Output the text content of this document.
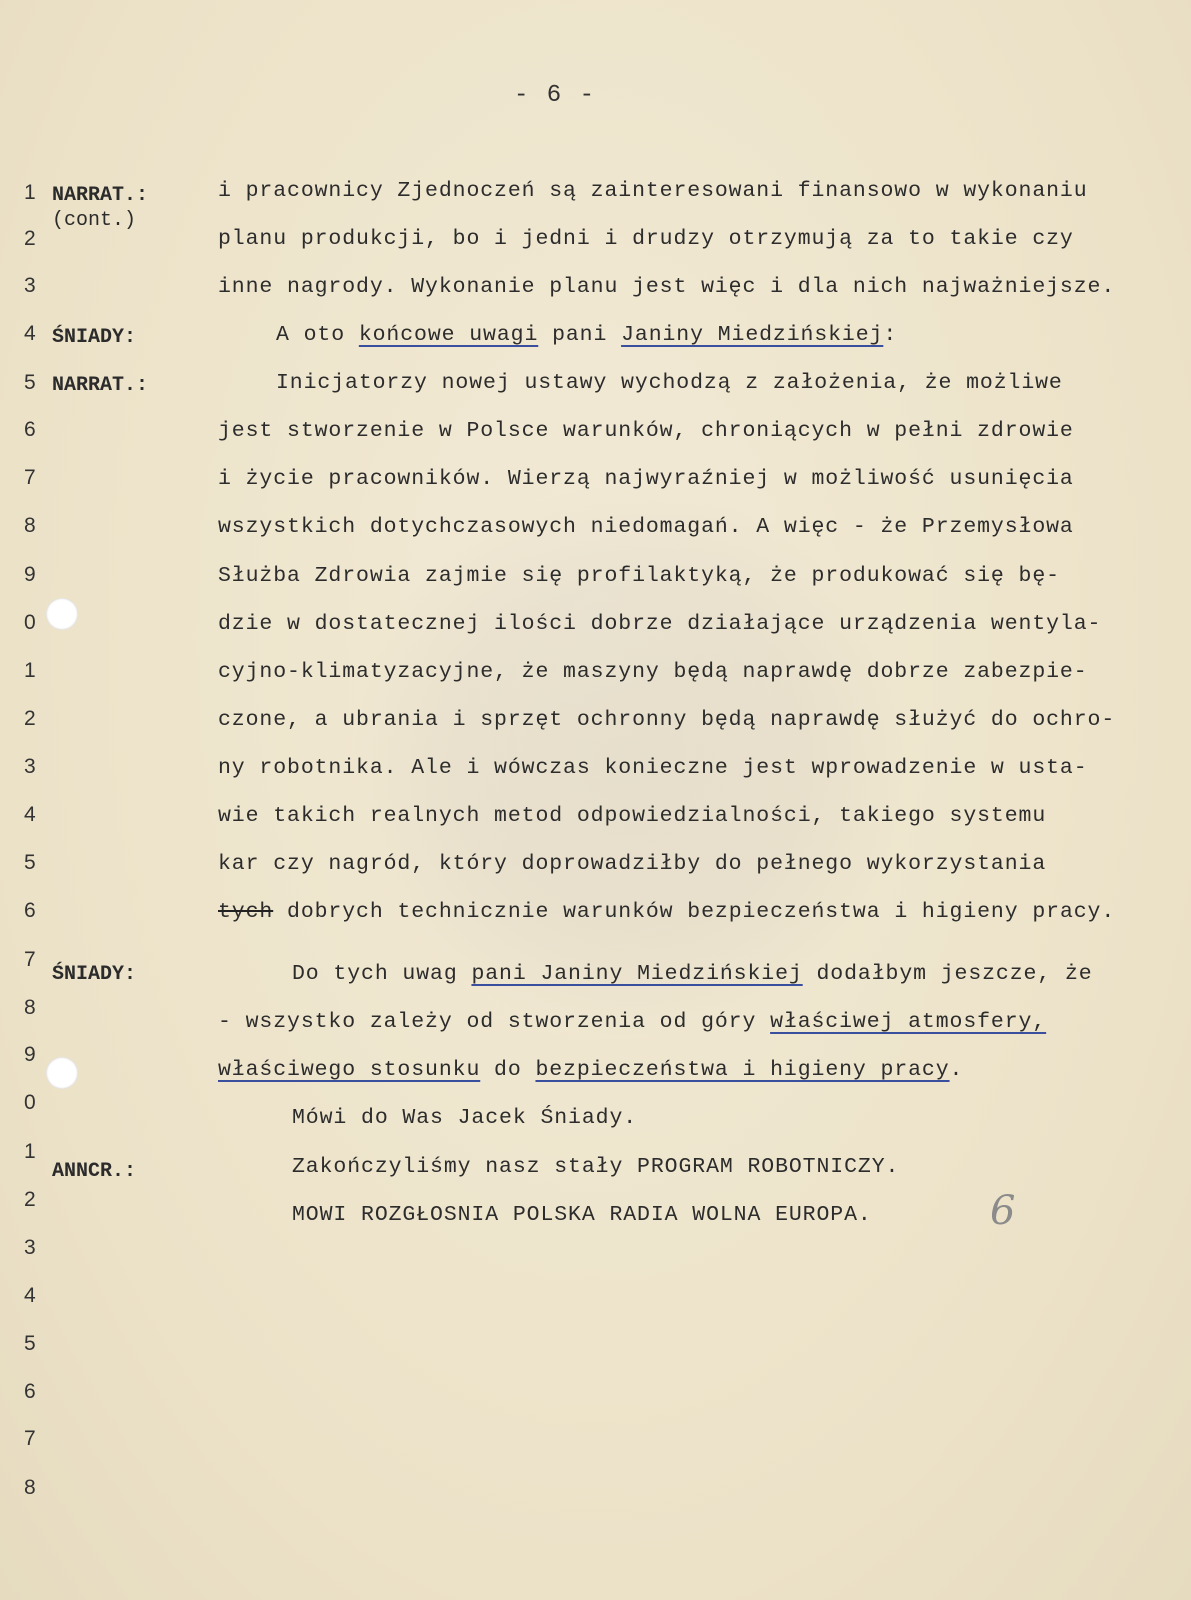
- 6 -
1
2
3
4
5
6
7
8
9
0
1
2
3
4
5
6
7
8
9
0
1
2
3
4
5
6
7
8
NARRAT.:
(cont.)
ŚNIADY:
NARRAT.:
ŚNIADY:
ANNCR.:
i pracownicy Zjednoczeń są zainteresowani finansowo w wykonaniu
planu produkcji, bo i jedni i drudzy otrzymują za to takie czy
inne nagrody. Wykonanie planu jest więc i dla nich najważniejsze.
A oto końcowe uwagi pani Janiny Miedzińskiej:
Inicjatorzy nowej ustawy wychodzą z założenia, że możliwe
jest stworzenie w Polsce warunków, chroniących w pełni zdrowie
i życie pracowników. Wierzą najwyraźniej w możliwość usunięcia
wszystkich dotychczasowych niedomagań. A więc - że Przemysłowa
Służba Zdrowia zajmie się profilaktyką, że produkować się bę-
dzie w dostatecznej ilości dobrze działające urządzenia wentyla-
cyjno-klimatyzacyjne, że maszyny będą naprawdę dobrze zabezpie-
czone, a ubrania i sprzęt ochronny będą naprawdę służyć do ochro-
ny robotnika. Ale i wówczas konieczne jest wprowadzenie w usta-
wie takich realnych metod odpowiedzialności, takiego systemu
kar czy nagród, który doprowadziłby do pełnego wykorzystania
tych dobrych technicznie warunków bezpieczeństwa i higieny pracy.
Do tych uwag pani Janiny Miedzińskiej dodałbym jeszcze, że
- wszystko zależy od stworzenia od góry właściwej atmosfery,
właściwego stosunku do bezpieczeństwa i higieny pracy.
Mówi do Was Jacek Śniady.
Zakończyliśmy nasz stały PROGRAM ROBOTNICZY.
MOWI ROZGŁOSNIA POLSKA RADIA WOLNA EUROPA.	6
